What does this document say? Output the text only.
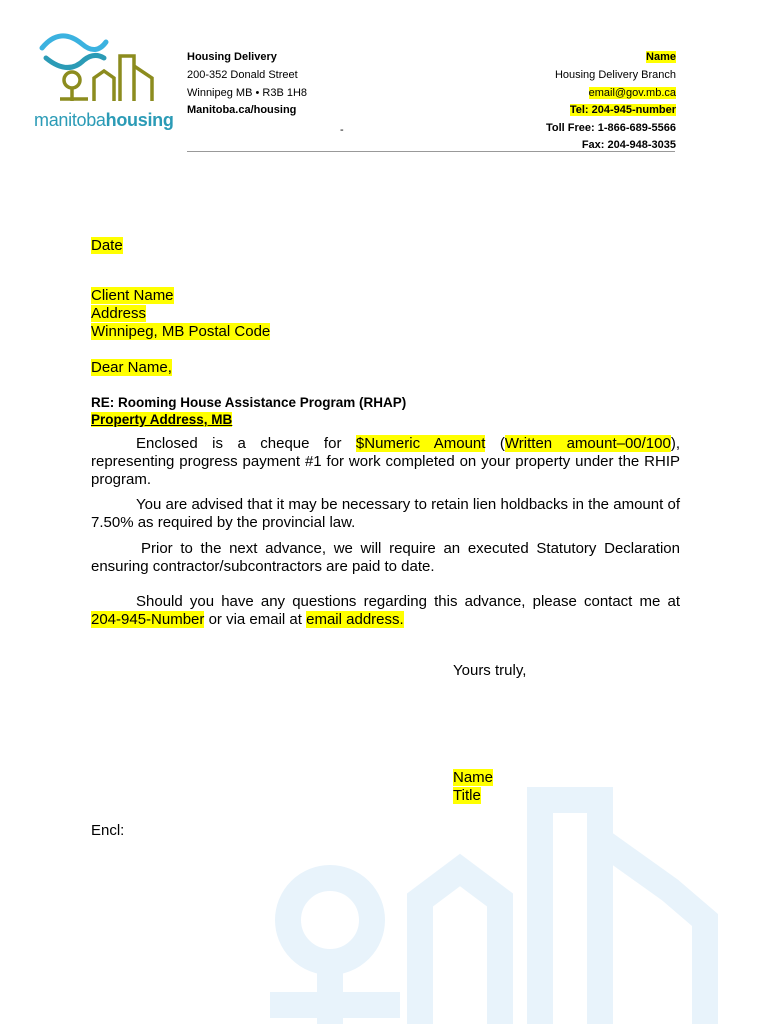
manitobahousing
Housing Delivery
200-352 Donald Street
Winnipeg MB • R3B 1H8
Manitoba.ca/housing
Name
Housing Delivery Branch
email@gov.mb.ca
Tel: 204-945-number
Toll Free: 1-866-689-5566
Fax: 204-948-3035
-
Date
Client Name
Address
Winnipeg, MB Postal Code
Dear Name,
RE: Rooming House Assistance Program (RHAP)
Property Address, MB
Enclosed is a cheque for $Numeric Amount (Written amount–00/100), representing progress payment #1 for work completed on your property under the RHIP program.
You are advised that it may be necessary to retain lien holdbacks in the amount of 7.50% as required by the provincial law.
Prior to the next advance, we will require an executed Statutory Declaration ensuring contractor/subcontractors are paid to date.
Should you have any questions regarding this advance, please contact me at 204-945-Number or via email at email address.
Yours truly,
Name
Title
Encl:
